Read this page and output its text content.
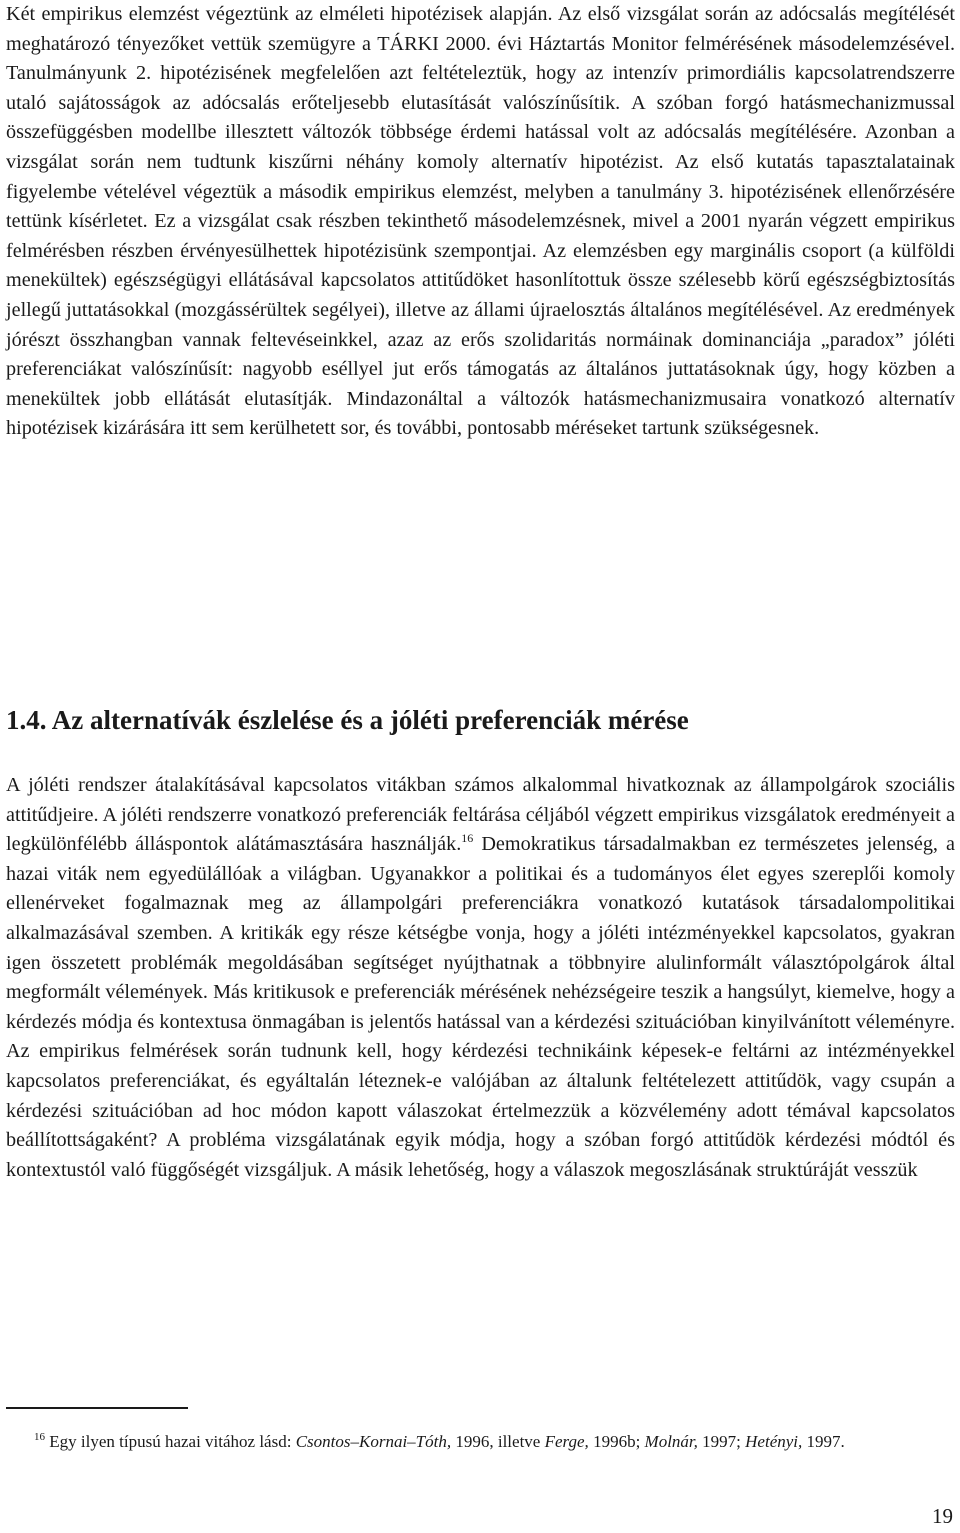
Két empirikus elemzést végeztünk az elméleti hipotézisek alapján. Az első vizsgálat során az adócsalás megítélését meghatározó tényezőket vettük szemügyre a TÁRKI 2000. évi Háztartás Monitor felmérésének másodelemzésével. Tanulmányunk 2. hipotézisének megfelelően azt feltételeztük, hogy az intenzív primordiális kapcsolatrendszerre utaló sajátosságok az adócsalás erőteljesebb elutasítását valószínűsítik. A szóban forgó hatásmechanizmussal összefüggésben modellbe illesztett változók többsége érdemi hatással volt az adócsalás megítélésére. Azonban a vizsgálat során nem tudtunk kiszűrni néhány komoly alternatív hipotézist. Az első kutatás tapasztalatainak figyelembe vételével végeztük a második empirikus elemzést, melyben a tanulmány 3. hipotézisének ellenőrzésére tettünk kísérletet. Ez a vizsgálat csak részben tekinthető másodelemzésnek, mivel a 2001 nyarán végzett empirikus felmérésben részben érvényesülhettek hipotézisünk szempontjai. Az elemzésben egy marginális csoport (a külföldi menekültek) egészségügyi ellátásával kapcsolatos attitűdöket hasonlítottuk össze szélesebb körű egészségbiztosítás jellegű juttatásokkal (mozgássérültek segélyei), illetve az állami újraelosztás általános megítélésével. Az eredmények jórészt összhangban vannak feltevéseinkkel, azaz az erős szolidaritás normáinak dominanciája „paradox” jóléti preferenciákat valószínűsít: nagyobb eséllyel jut erős támogatás az általános juttatásoknak úgy, hogy közben a menekültek jobb ellátását elutasítják. Mindazonáltal a változók hatásmechanizmusaira vonatkozó alternatív hipotézisek kizárására itt sem kerülhetett sor, és további, pontosabb méréseket tartunk szükségesnek.

1.4. Az alternatívák észlelése és a jóléti preferenciák mérése

A jóléti rendszer átalakításával kapcsolatos vitákban számos alkalommal hivatkoznak az állampolgárok szociális attitűdjeire. A jóléti rendszerre vonatkozó preferenciák feltárása céljából végzett empirikus vizsgálatok eredményeit a legkülönfélébb álláspontok alátámasztására használják.$^{16}$ Demokratikus társadalmakban ez természetes jelenség, a hazai viták nem egyedülállóak a világban. Ugyanakkor a politikai és a tudományos élet egyes szereplői komoly ellenérveket fogalmaznak meg az állampolgári preferenciákra vonatkozó kutatások társadalompolitikai alkalmazásával szemben. A kritikák egy része kétségbe vonja, hogy a jóléti intézményekkel kapcsolatos, gyakran igen összetett problémák megoldásában segítséget nyújthatnak a többnyire alulinformált választópolgárok által megformált vélemények. Más kritikusok e preferenciák mérésének nehézségeire teszik a hangsúlyt, kiemelve, hogy a kérdezés módja és kontextusa önmagában is jelentős hatással van a kérdezési szituációban kinyilvánított véleményre. Az empirikus felmérések során tudnunk kell, hogy kérdezési technikáink képesek-e feltárni az intézményekkel kapcsolatos preferenciákat, és egyáltalán léteznek-e valójában az általunk feltételezett attitűdök, vagy csupán a kérdezési szituációban ad hoc módon kapott válaszokat értelmezzük a közvélemény adott témával kapcsolatos beállítottságaként? A probléma vizsgálatának egyik módja, hogy a szóban forgó attitűdök kérdezési módtól és kontextustól való függőségét vizsgáljuk. A másik lehetőség, hogy a válaszok megoszlásának struktúráját vesszük

$^{16}$ Egy ilyen típusú hazai vitához lásd: Csontos–Kornai–Tóth, 1996, illetve Ferge, 1996b; Molnár, 1997; Hetényi, 1997.

19
